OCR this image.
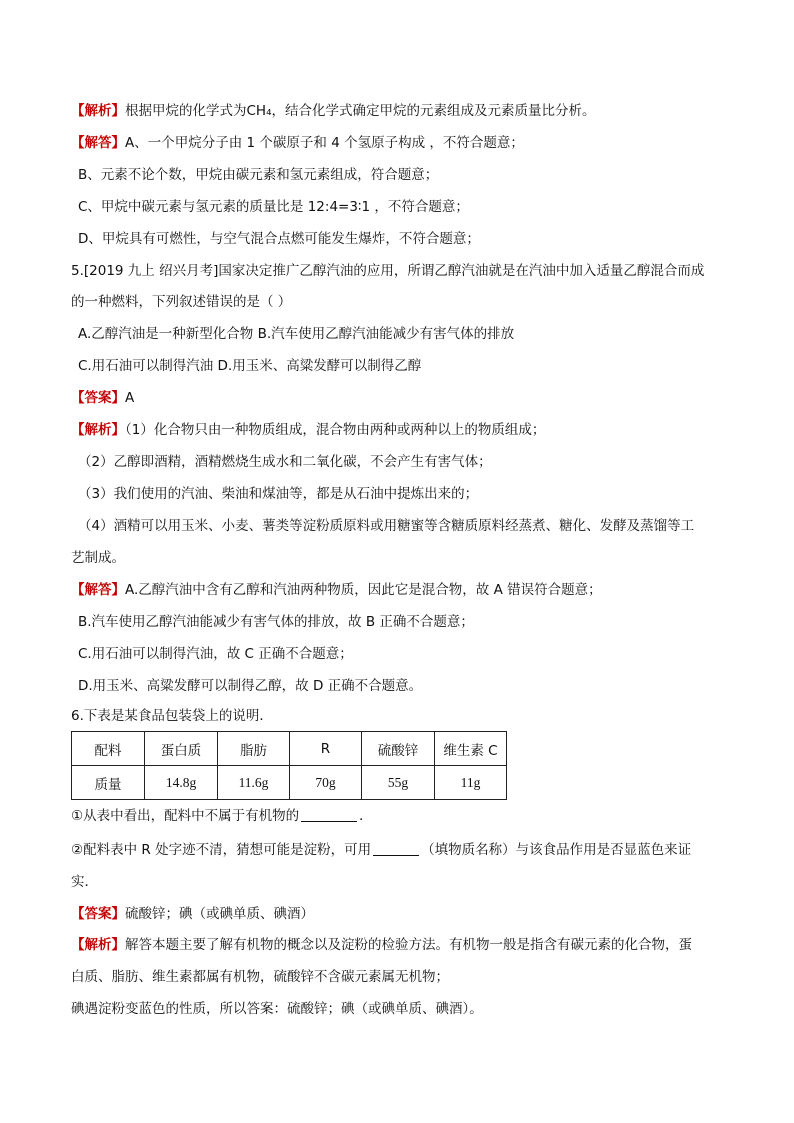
【解析】根据甲烷的化学式为CH₄，结合化学式确定甲烷的元素组成及元素质量比分析。
【解答】A、一个甲烷分子由 1 个碳原子和 4 个氢原子构成 ，不符合题意；
B、元素不论个数，甲烷由碳元素和氢元素组成，符合题意；
C、甲烷中碳元素与氢元素的质量比是 12:4=3∶1 ，不符合题意；
D、甲烷具有可燃性，与空气混合点燃可能发生爆炸，不符合题意；
5.[2019 九上 绍兴月考]国家决定推广乙醇汽油的应用，所谓乙醇汽油就是在汽油中加入适量乙醇混合而成
的一种燃料，下列叙述错误的是（ ）
A.乙醇汽油是一种新型化合物 B.汽车使用乙醇汽油能减少有害气体的排放
C.用石油可以制得汽油 D.用玉米、高粱发酵可以制得乙醇
【答案】A
【解析】（1）化合物只由一种物质组成，混合物由两种或两种以上的物质组成；
（2）乙醇即酒精，酒精燃烧生成水和二氧化碳，不会产生有害气体；
（3）我们使用的汽油、柴油和煤油等，都是从石油中提炼出来的；
（4）酒精可以用玉米、小麦、薯类等淀粉质原料或用糖蜜等含糖质原料经蒸煮、糖化、发酵及蒸馏等工
艺制成。
【解答】A.乙醇汽油中含有乙醇和汽油两种物质，因此它是混合物，故 A 错误符合题意；
B.汽车使用乙醇汽油能减少有害气体的排放，故 B 正确不合题意；
C.用石油可以制得汽油，故 C 正确不合题意；
D.用玉米、高粱发酵可以制得乙醇，故 D 正确不合题意。
6.下表是某食品包装袋上的说明．
配料	蛋白质	脂肪	R	硫酸锌	维生素 C
质量	14.8g	11.6g	70g	55g	11g
①从表中看出，配料中不属于有机物的	．
②配料表中 R 处字迹不清，猜想可能是淀粉，可用	（填物质名称）与该食品作用是否显蓝色来证
实．
【答案】硫酸锌；碘（或碘单质、碘酒）
【解析】解答本题主要了解有机物的概念以及淀粉的检验方法。有机物一般是指含有碳元素的化合物，蛋
白质、脂肪、维生素都属有机物，硫酸锌不含碳元素属无机物；
碘遇淀粉变蓝色的性质，所以答案：硫酸锌；碘（或碘单质、碘酒）。
